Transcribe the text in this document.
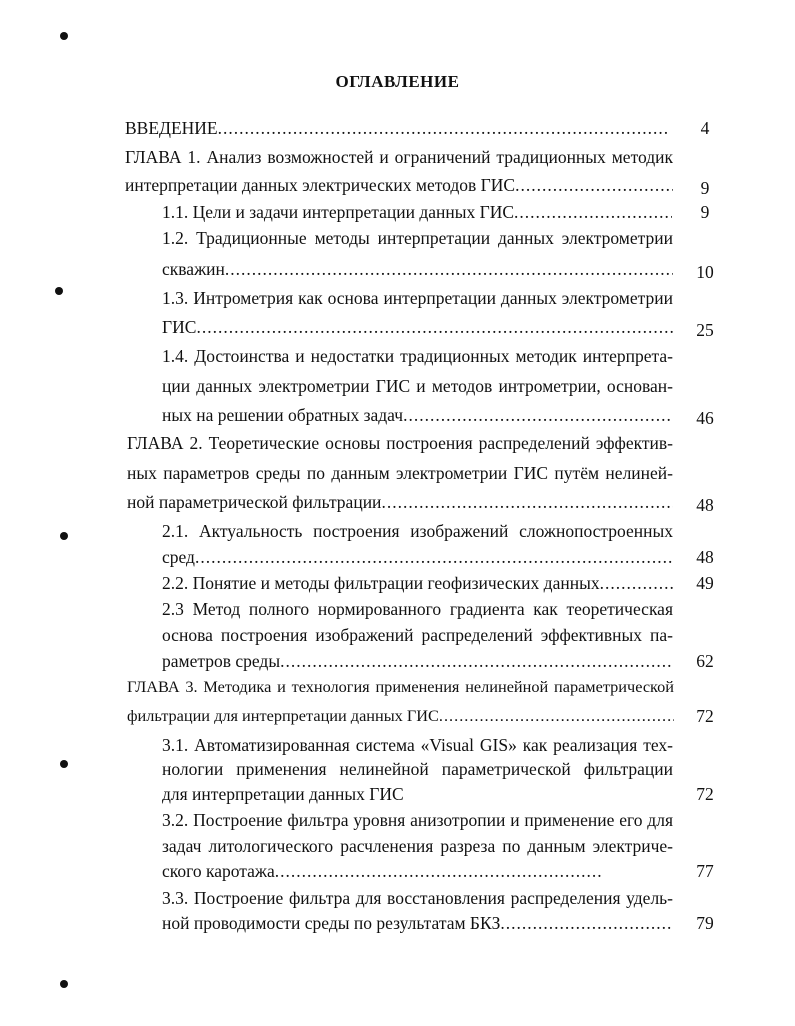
ОГЛАВЛЕНИЕ
ВВЕДЕНИЕ .....	4
ГЛАВА 1. Анализ возможностей и ограничений традиционных методик
интерпретации данных электрических методов ГИС .....	9
1.1. Цели и задачи интерпретации данных ГИС .....	9
1.2. Традиционные методы интерпретации данных электрометрии
скважин .....	10
1.3. Интрометрия как основа интерпретации данных электрометрии
ГИС .....	25
1.4. Достоинства и недостатки традиционных методик интерпрета-
ции данных электрометрии ГИС и методов интрометрии, основан-
ных на решении обратных задач .....	46
ГЛАВА 2. Теоретические основы построения распределений эффектив-
ных параметров среды по данным электрометрии ГИС путём нелиней-
ной параметрической фильтрации .....	48
2.1. Актуальность построения изображений сложнопостроенных
сред .....	48
2.2. Понятие и методы фильтрации геофизических данных .....	49
2.3 Метод полного нормированного градиента как теоретическая
основа построения изображений распределений эффективных па-
раметров среды .....	62
ГЛАВА 3. Методика и технология применения нелинейной параметрической
фильтрации для интерпретации данных ГИС .....	72
3.1. Автоматизированная система «Visual GIS» как реализация тех-
нологии применения нелинейной параметрической фильтрации
для интерпретации данных ГИС	72
3.2. Построение фильтра уровня анизотропии и применение его для
задач литологического расчленения разреза по данным электриче-
ского каротажа .....	77
3.3. Построение фильтра для восстановления распределения удель-
ной проводимости среды по результатам БКЗ .....	79
